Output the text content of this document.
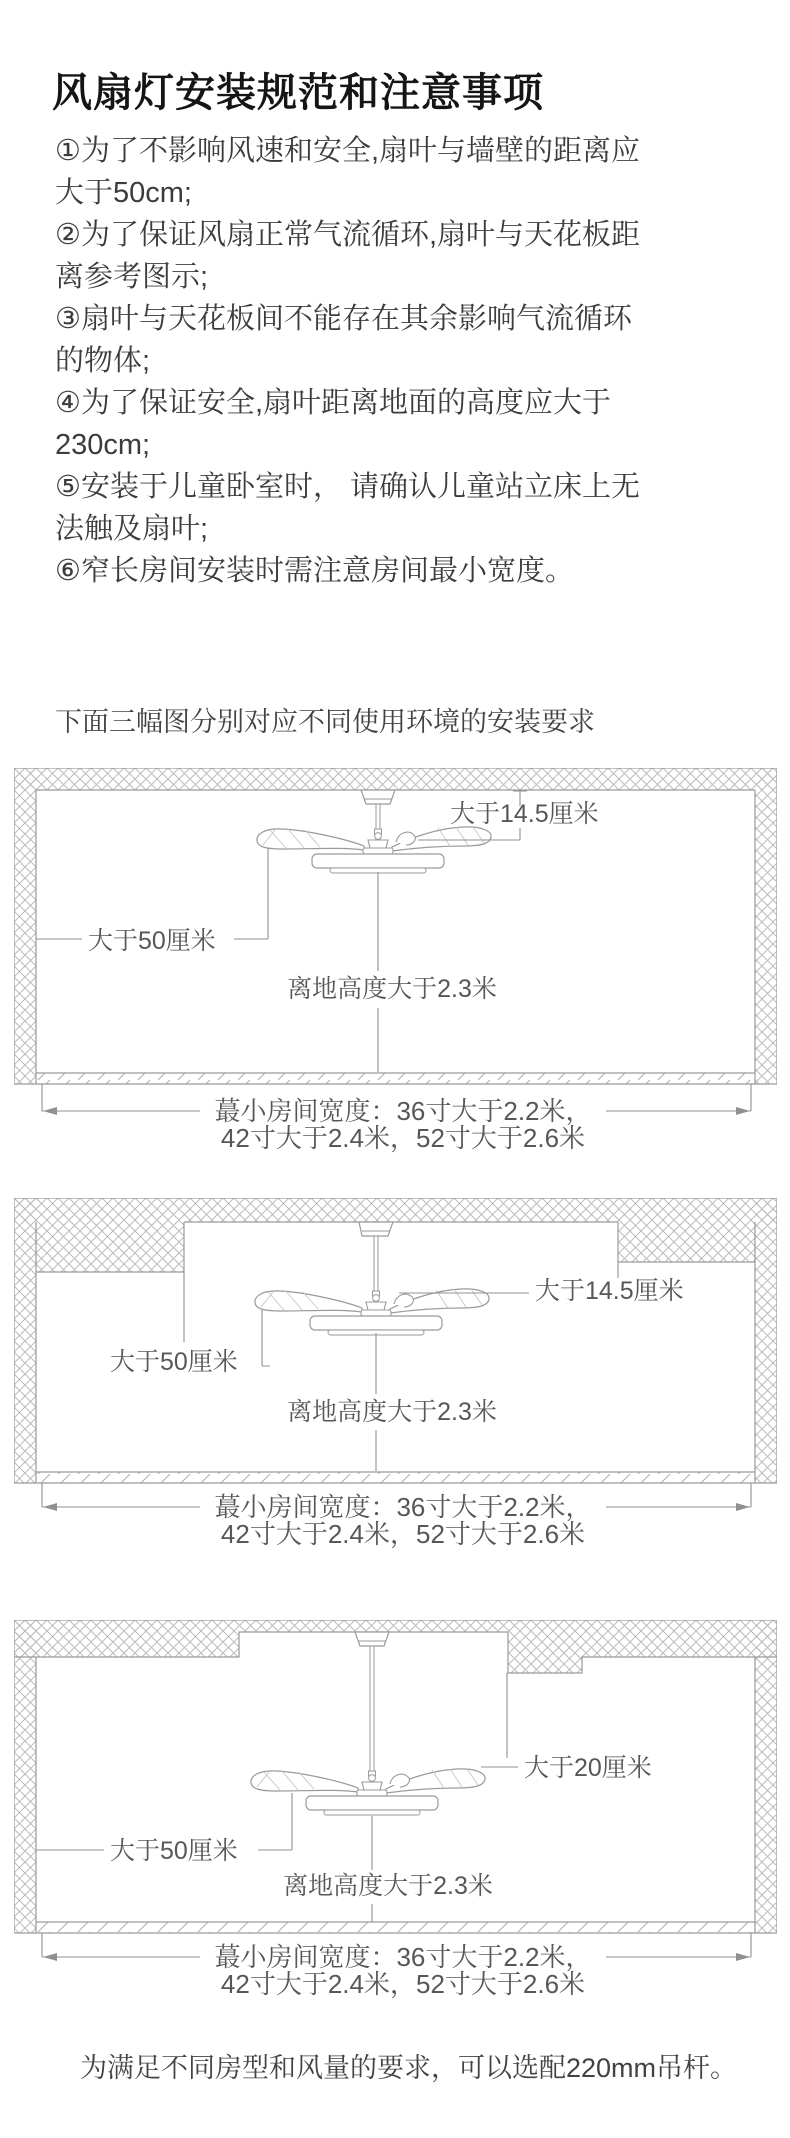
风扇灯安装规范和注意事项

①为了不影响风速和安全,扇叶与墙壁的距离应大于50cm;

②为了保证风扇正常气流循环,扇叶与天花板距离参考图示;

③扇叶与天花板间不能存在其余影响气流循环的物体;

④为了保证安全,扇叶距离地面的高度应大于230cm;

⑤安装于儿童卧室时， 请确认儿童站立床上无法触及扇叶;

⑥窄长房间安装时需注意房间最小宽度。

下面三幅图分别对应不同使用环境的安装要求

大于14.5厘米
大于50厘米
离地高度大于2.3米
蕞小房间宽度：36寸大于2.2米，
42寸大于2.4米，52寸大于2.6米
大于14.5厘米
大于50厘米
离地高度大于2.3米
蕞小房间宽度：36寸大于2.2米，
42寸大于2.4米，52寸大于2.6米
大于20厘米
大于50厘米
离地高度大于2.3米
蕞小房间宽度：36寸大于2.2米，
42寸大于2.4米，52寸大于2.6米

为满足不同房型和风量的要求，可以选配220mm吊杆。
